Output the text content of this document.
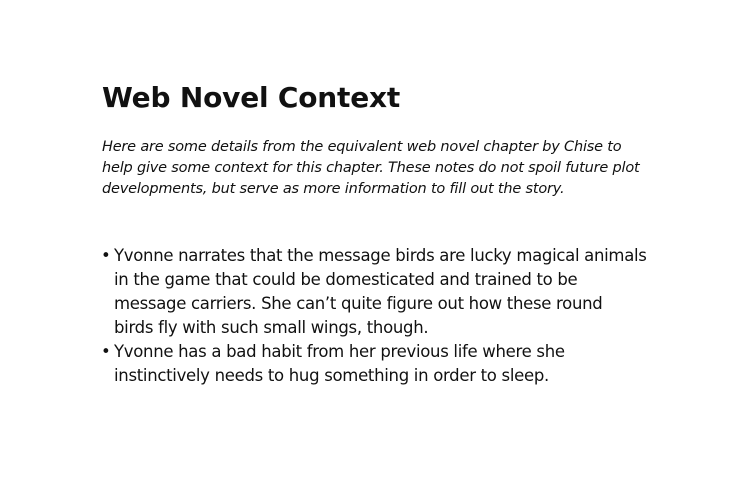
Web Novel Context

Here are some details from the equivalent web novel chapter by Chise to
help give some context for this chapter. These notes do not spoil future plot
developments, but serve as more information to fill out the story.

• Yvonne narrates that the message birds are lucky magical animals
in the game that could be domesticated and trained to be
message carriers. She can’t quite figure out how these round
birds fly with such small wings, though.
• Yvonne has a bad habit from her previous life where she
instinctively needs to hug something in order to sleep.
